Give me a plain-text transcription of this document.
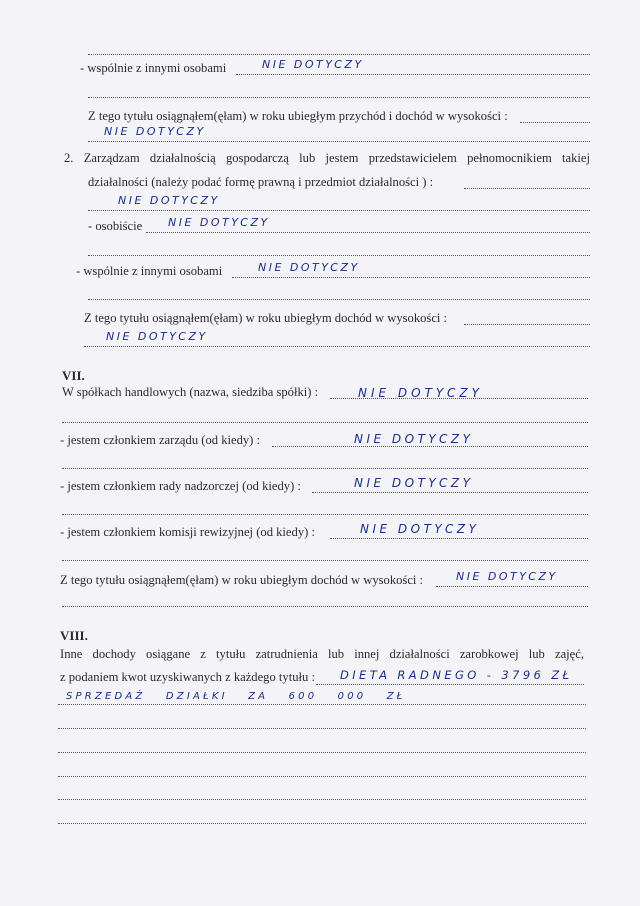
- wspólnie z innymi osobami	NIE DOTYCZY
Z tego tytułu osiągnąłem(ęłam) w roku ubiegłym przychód i dochód w wysokości :
NIE DOTYCZY
2. Zarządzam działalnością gospodarczą lub jestem przedstawicielem pełnomocnikiem takiej
działalności (należy podać formę prawną i przedmiot działalności ) :
NIE DOTYCZY
- osobiście NIE DOTYCZY
- wspólnie z innymi osobami	NIE DOTYCZY
Z tego tytułu osiągnąłem(ęłam) w roku ubiegłym dochód w wysokości :
NIE DOTYCZY
VII.
W spółkach handlowych (nazwa, siedziba spółki) :	NIE DOTYCZY
- jestem członkiem zarządu (od kiedy) :	NIE DOTYCZY
- jestem członkiem rady nadzorczej (od kiedy) :	NIE DOTYCZY
- jestem członkiem komisji rewizyjnej (od kiedy) :	NIE DOTYCZY
Z tego tytułu osiągnąłem(ęłam) w roku ubiegłym dochód w wysokości :	NIE DOTYCZY
VIII.
Inne dochody osiągane z tytułu zatrudnienia lub innej działalności zarobkowej lub zajęć,
z podaniem kwot uzyskiwanych z każdego tytułu : DIETA RADNEGO - 3796 ZŁ
SPRZEDAŻ DZIAŁKI ZA 600 000 ZŁ
